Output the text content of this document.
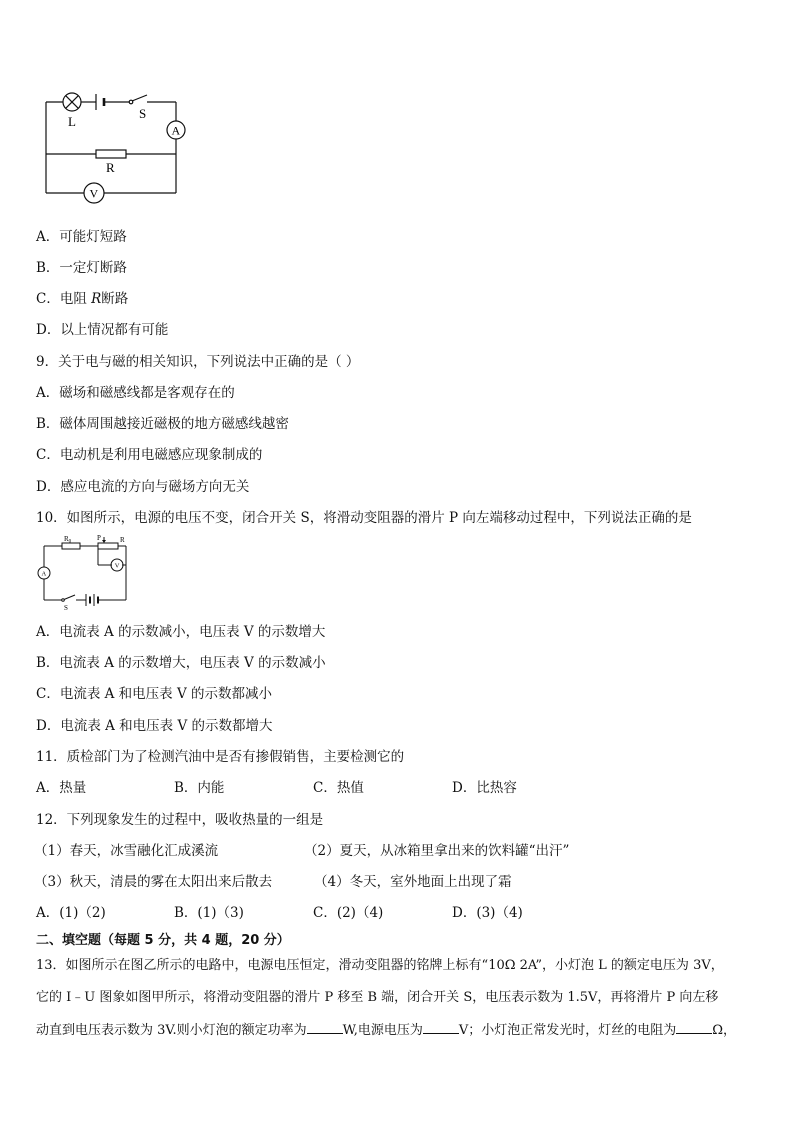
L
S
A
R
V
A．可能灯短路
B．一定灯断路
C．电阻 R断路
D．以上情况都有可能
9．关于电与磁的相关知识，下列说法中正确的是（ ）
A．磁场和磁感线都是客观存在的
B．磁体周围越接近磁极的地方磁感线越密
C．电动机是利用电磁感应现象制成的
D．感应电流的方向与磁场方向无关
10．如图所示，电源的电压不变，闭合开关 S，将滑动变阻器的滑片 P 向左端移动过程中，下列说法正确的是
$R_0$	P	R
A
V
S
A．电流表 A 的示数减小，电压表 V 的示数增大
B．电流表 A 的示数增大，电压表 V 的示数减小
C．电流表 A 和电压表 V 的示数都减小
D．电流表 A 和电压表 V 的示数都增大
11．质检部门为了检测汽油中是否有掺假销售，主要检测它的
A．热量	B．内能	C．热值	D．比热容
12．下列现象发生的过程中，吸收热量的一组是
（1）春天，冰雪融化汇成溪流	（2）夏天，从冰箱里拿出来的饮料罐“出汗”
（3）秋天，清晨的雾在太阳出来后散去	（4）冬天，室外地面上出现了霜
A．(1)（2)	B．(1)（3)	C．(2)（4)	D．(3)（4)
二、填空题（每题 5 分，共 4 题，20 分）
13．如图所示在图乙所示的电路中，电源电压恒定，滑动变阻器的铭牌上标有“10Ω 2A”，小灯泡 L 的额定电压为 3V，
它的 I﹣U 图象如图甲所示，将滑动变阻器的滑片 P 移至 B 端，闭合开关 S，电压表示数为 1.5V，再将滑片 P 向左移
动直到电压表示数为 3V.则小灯泡的额定功率为	W,电源电压为	V；小灯泡正常发光时，灯丝的电阻为	Ω，
